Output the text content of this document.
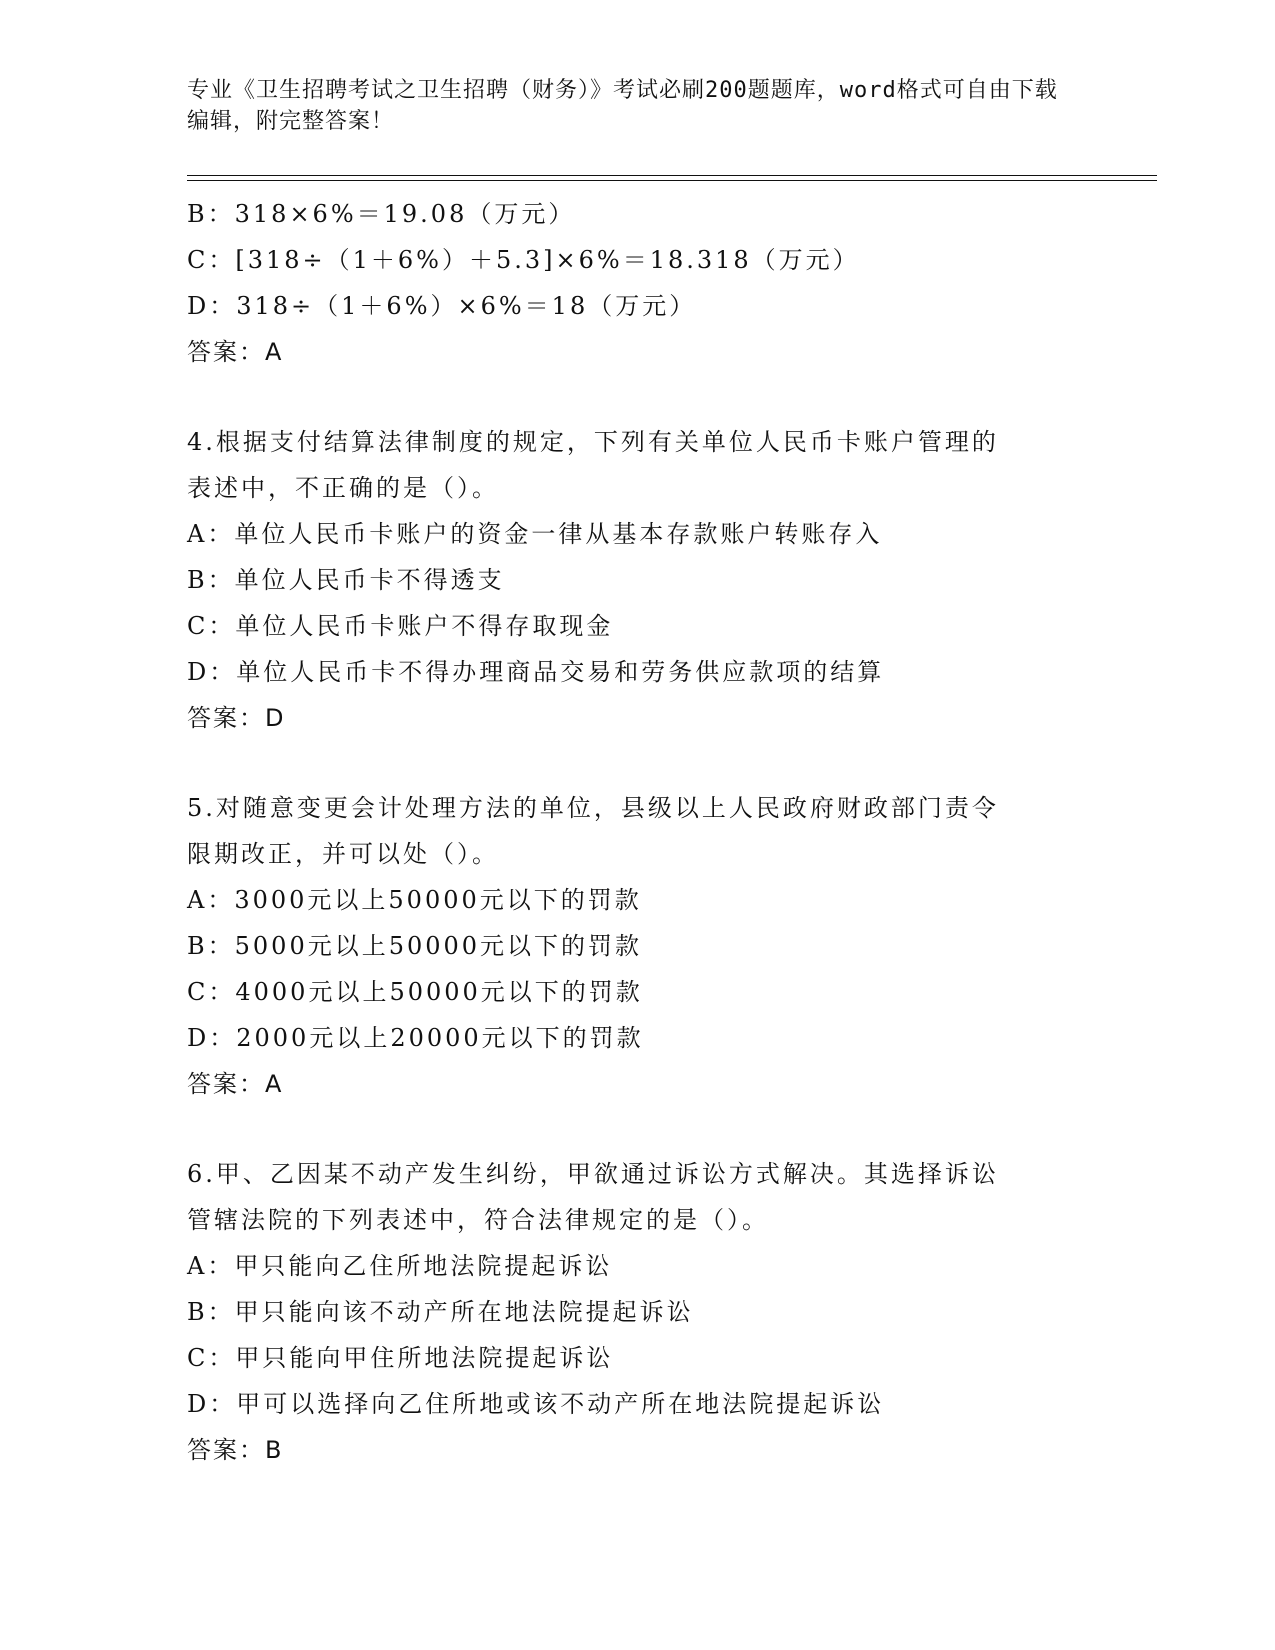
专业《卫生招聘考试之卫生招聘（财务）》考试必刷200题题库，word格式可自由下载编辑，附完整答案！
B：318×6%＝19.08（万元）
C：[318÷（1＋6%）＋5.3]×6%＝18.318（万元）
D：318÷（1＋6%）×6%＝18（万元）
答案：A
4.根据支付结算法律制度的规定，下列有关单位人民币卡账户管理的
表述中，不正确的是（）。
A：单位人民币卡账户的资金一律从基本存款账户转账存入
B：单位人民币卡不得透支
C：单位人民币卡账户不得存取现金
D：单位人民币卡不得办理商品交易和劳务供应款项的结算
答案：D
5.对随意变更会计处理方法的单位，县级以上人民政府财政部门责令
限期改正，并可以处（）。
A：3000元以上50000元以下的罚款
B：5000元以上50000元以下的罚款
C：4000元以上50000元以下的罚款
D：2000元以上20000元以下的罚款
答案：A
6.甲、乙因某不动产发生纠纷，甲欲通过诉讼方式解决。其选择诉讼
管辖法院的下列表述中，符合法律规定的是（）。
A：甲只能向乙住所地法院提起诉讼
B：甲只能向该不动产所在地法院提起诉讼
C：甲只能向甲住所地法院提起诉讼
D：甲可以选择向乙住所地或该不动产所在地法院提起诉讼
答案：B
